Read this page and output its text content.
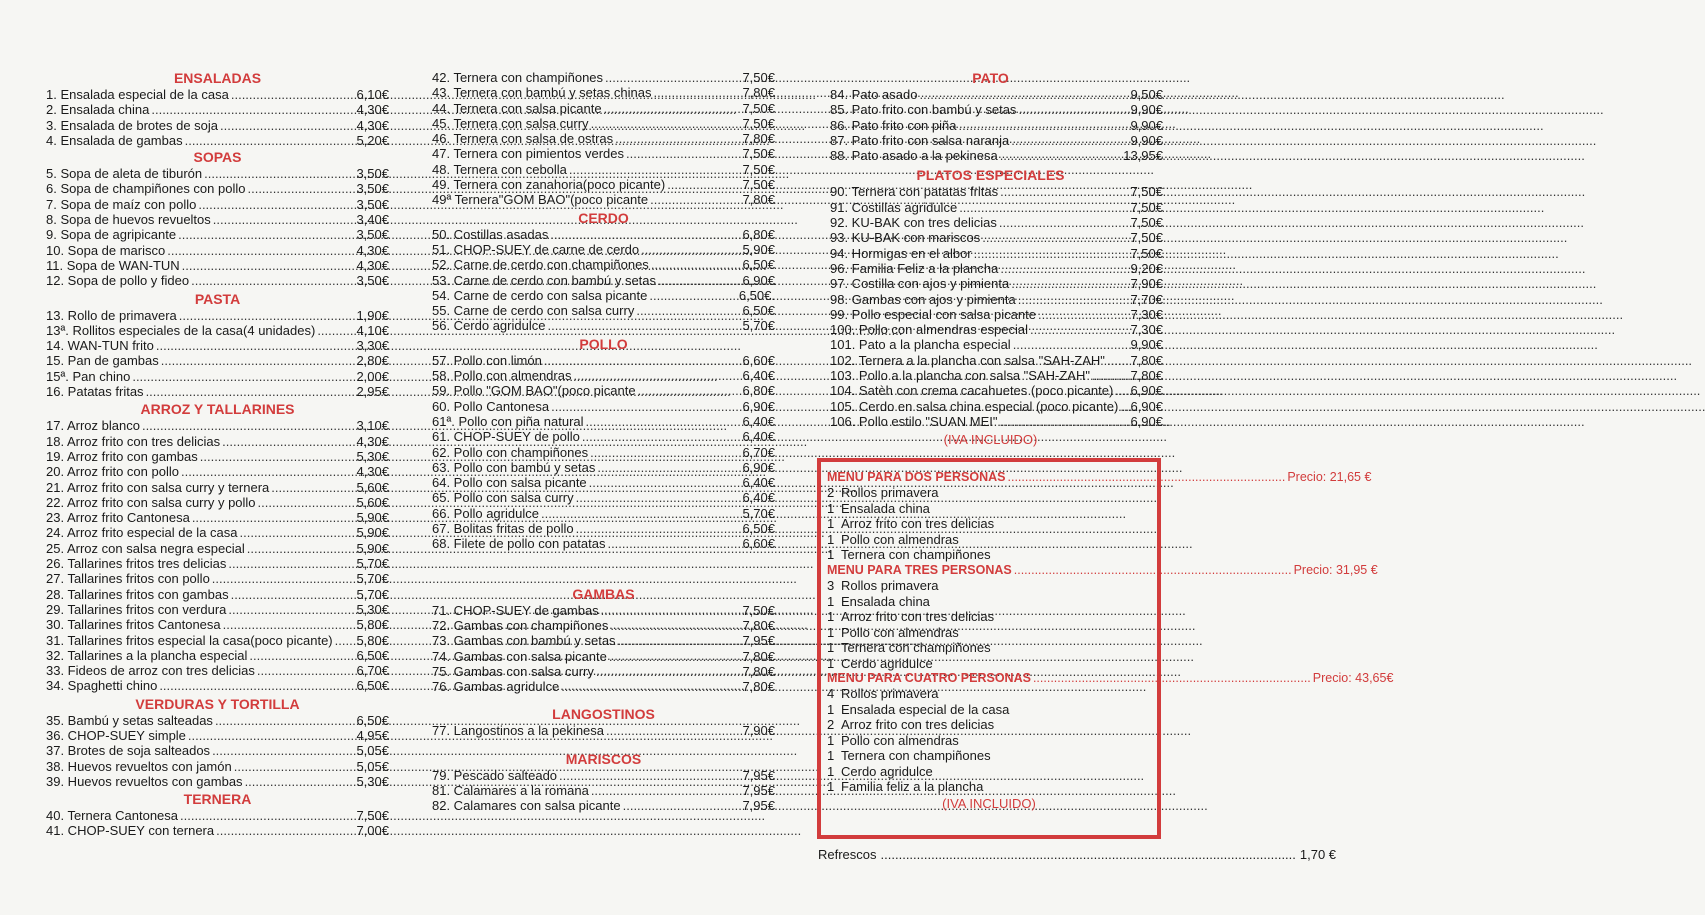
ENSALADAS
1. Ensalada especial de la casa .....	6,10€
2. Ensalada china .....	4,30€
3. Ensalada de brotes de soja .....	4,30€
4. Ensalada de gambas .....	5,20€
SOPAS
5. Sopa de aleta de tiburón .....	3,50€
6. Sopa de champiñones con pollo .....	3,50€
7. Sopa de maíz con pollo .....	3,50€
8. Sopa de huevos revueltos .....	3,40€
9. Sopa de agripicante .....	3,50€
10. Sopa de marisco .....	4,30€
11. Sopa de WAN-TUN .....	4,30€
12. Sopa de pollo y fideo .....	3,50€
PASTA
13. Rollo de primavera .....	1,90€
13ª. Rollitos especiales de la casa(4 unidades) .....	4,10€
14. WAN-TUN frito .....	3,30€
15. Pan de gambas .....	2,80€
15ª. Pan chino .....	2,00€
16. Patatas fritas .....	2,95€
ARROZ Y TALLARINES
17. Arroz blanco .....	3,10€
18. Arroz frito con tres delicias .....	4,30€
19. Arroz frito con gambas .....	5,30€
20. Arroz frito con pollo .....	4,30€
21. Arroz frito con salsa curry y ternera .....	5,60€
22. Arroz frito con salsa curry y pollo .....	5,60€
23. Arroz frito Cantonesa .....	5,90€
24. Arroz frito especial de la casa .....	5,90€
25. Arroz con salsa negra especial .....	5,90€
26. Tallarines fritos tres delicias .....	5,70€
27. Tallarines fritos con pollo .....	5,70€
28. Tallarines fritos con gambas .....	5,70€
29. Tallarines fritos con verdura .....	5,30€
30. Tallarines fritos Cantonesa .....	5,80€
31. Tallarines fritos especial la casa(poco picante) ..... 5,80€
32. Tallarines a la plancha especial .....	6,50€
33. Fideos de arroz con tres delicias .....	6,70€
34. Spaghetti chino .....	6,50€
VERDURAS Y TORTILLA
35. Bambú y setas salteadas .....	6,50€
36. CHOP-SUEY simple .....	4,95€
37. Brotes de soja salteados .....	5,05€
38. Huevos revueltos con jamón .....	5,05€
39. Huevos revueltos con gambas .....	5,30€
TERNERA
40. Ternera Cantonesa .....	7,50€
41. CHOP-SUEY con ternera .....	7,00€
42. Ternera con champiñones .....	7,50€
43. Ternera con bambú y setas chinas .....	7,80€
44. Ternera con salsa picante .....	7,50€
45. Ternera con salsa curry .....	7,50€
46. Ternera con salsa de ostras .....	7,80€
47. Ternera con pimientos verdes .....	7,50€
48. Ternera con cebolla .....	7,50€
49. Ternera con zanahoria(poco picante) .....	7,50€
49ª Ternera"GOM BAO"(poco picante .....	7,80€
CERDO
50. Costillas asadas .....	6,80€
51. CHOP-SUEY de carne de cerdo .....	5,90€
52. Carne de cerdo con champiñones .....	6,50€
53. Carne de cerdo con bambú y setas .....	6,90€
54. Carne de cerdo con salsa picante .....	6,50€.
55. Carne de cerdo con salsa curry .....	6,50€
56. Cerdo agridulce .....	5,70€
POLLO
57. Pollo con limón .....	6,60€
58. Pollo con almendras .....	6,40€
59. Pollo "GOM BAO"(poco picante .....	6,80€
60. Pollo Cantonesa .....	6,90€
61ª. Pollo con piña natural .....	6,40€
61. CHOP-SUEY de pollo .....	6,40€
62. Pollo con champiñones .....	6,70€
63. Pollo con bambú y setas .....	6,90€
64. Pollo con salsa picante .....	6,40€
65. Pollo con salsa curry .....	6,40€
66. Pollo agridulce .....	5,70€
67. Bolitas fritas de pollo .....	6,50€
68. Filete de pollo con patatas .....	6,60€
GAMBAS
71. CHOP-SUEY de gambas .....	7,50€
72. Gambas con champiñones .....	7,80€
73. Gambas con bambú y setas .....	7,95€
74. Gambas con salsa picante .....	7,80€
75. Gambas con salsa curry .....	7,80€
76. Gambas agridulce .....	7,80€
LANGOSTINOS
77. Langostinos a la pekinesa .....	7,90€
MARISCOS
79. Pescado salteado .....	7,95€
81. Calamares a la romana .....	7,95€
82. Calamares con salsa picante .....	7,95€
PATO
84. Pato asado .....	9,50€
85. Pato frito con bambú y setas .....	9,90€
86. Pato frito con piña .....	9,90€
87. Pato frito con salsa naranja .....	9,90€
88. Pato asado a la pekinesa .....	13,95€
PLATOS ESPECIALES
90. Ternera con patatas fritas .....	7,50€
91. Costillas agridulce .....	7,50€
92. KU-BAK con tres delicias .....	7,50€
93. KU-BAK con mariscos .....	7,50€
94. Hormigas en el albor .....	7,50€
96. Familia Feliz a la plancha .....	9,20€
97. Costilla con ajos y pimienta .....	7,90€
98. Gambas con ajos y pimienta .....	7,70€
99. Pollo especial con salsa picante .....	7,30€
100. Pollo con almendras especial .....	7,30€
101. Pato a la plancha especial .....	9,90€
102. Ternera a la plancha con salsa "SAH-ZAH" ..... 7,80€
103. Pollo a la plancha con salsa "SAH-ZAH" .....	7,80€
104. Satèh con crema cacahuetes (poco picante) ..... 6,90€
105. Cerdo en salsa china especial (poco picante) ..... 6,90€
106. Pollo estilo "SUAN MEI" .....	6,90€
(IVA INCLUIDO)
MENU PARA DOS PERSONAS .....	Precio: 21,65 €
2 Rollos primavera
1 Ensalada china
1 Arroz frito con tres delicias
1 Pollo con almendras
1 Ternera con champiñones
MENU PARA TRES PERSONAS .....	Precio: 31,95 €
3 Rollos primavera
1 Ensalada china
1 Arroz frito con tres delicias
1 Pollo con almendras
1 Ternera con champiñones
1 Cerdo agridulce
MENU PARA CUATRO PERSONAS .....	Precio: 43,65€
4 Rollos primavera
1 Ensalada especial de la casa
2 Arroz frito con tres delicias
1 Pollo con almendras
1 Ternera con champiñones
1 Cerdo agridulce
1 Familia feliz a la plancha
(IVA INCLUIDO)
Refrescos .....	1,70 €
